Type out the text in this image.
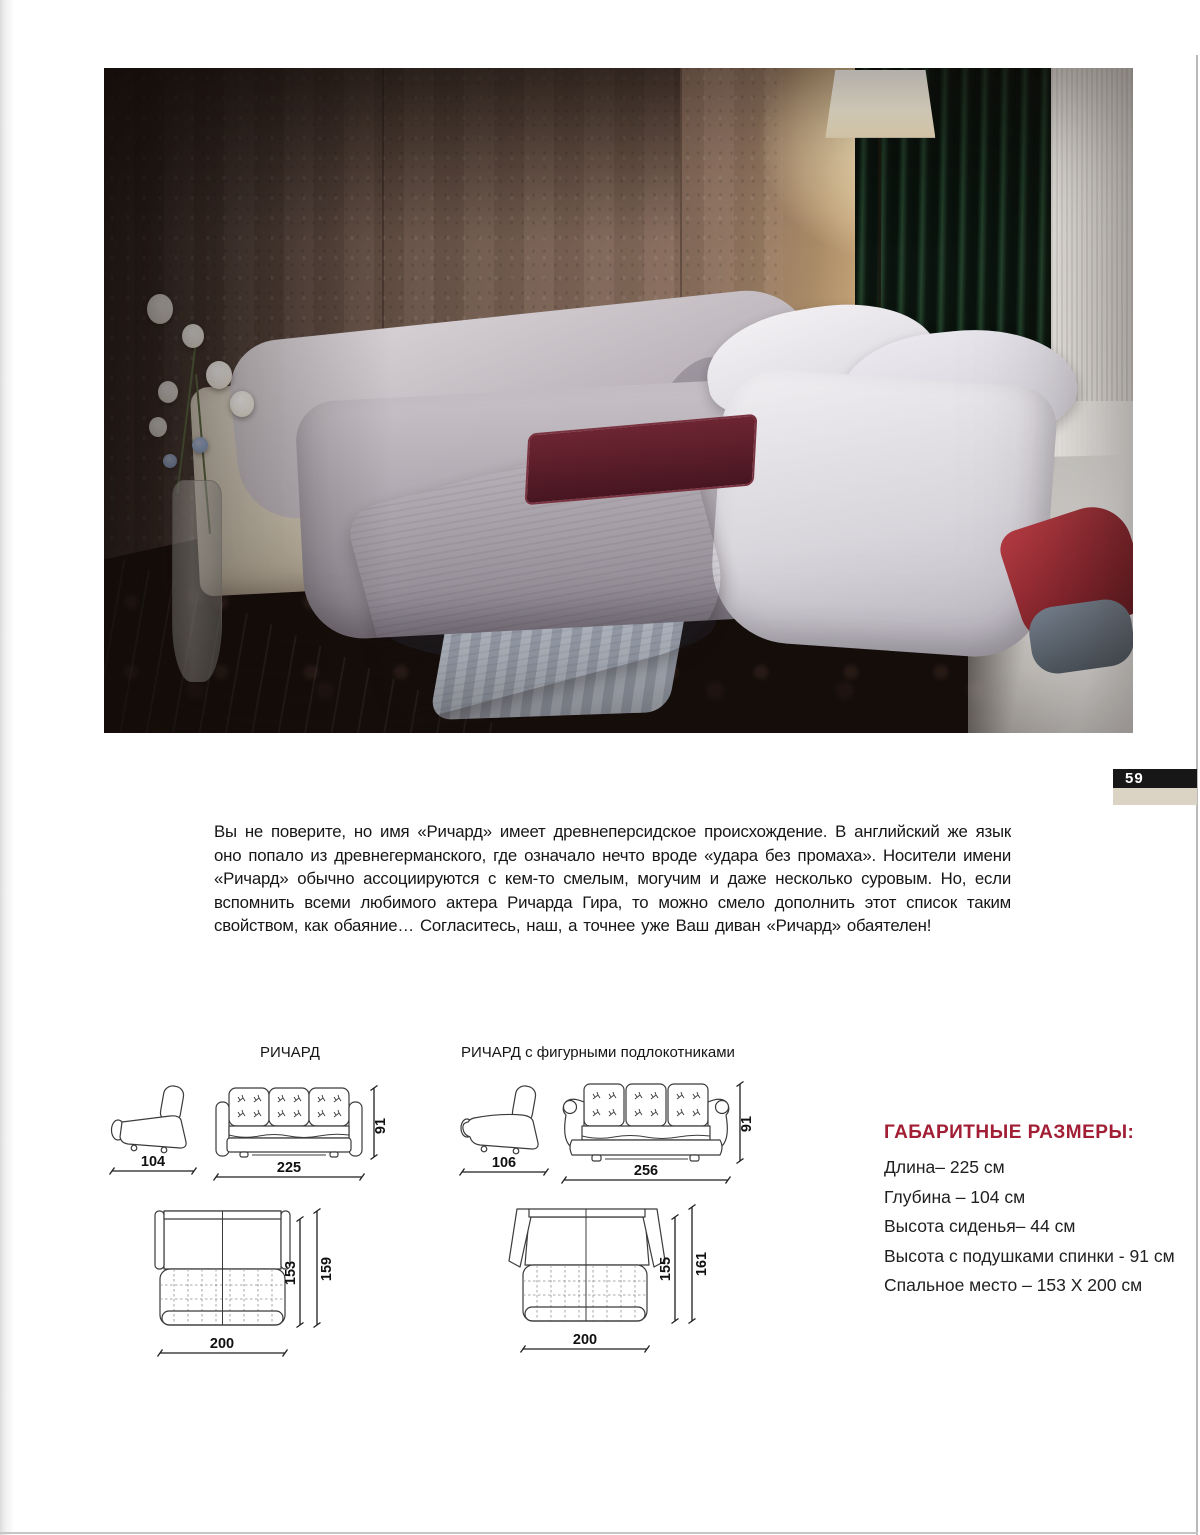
59
Вы не поверите, но имя «Ричард» имеет древнеперсидское происхождение. В английский же язык оно попало из древнегерманского, где означало нечто вроде «удара без промаха». Носители имени «Ричард» обычно ассоциируются с кем-то смелым, могучим и даже несколько суровым. Но, если вспомнить всеми любимого актера Ричарда Гира, то можно смело дополнить этот список таким свойством, как обаяние… Согласитесь, наш, а точнее уже Ваш диван «Ричард» обаятелен!
РИЧАРД	РИЧАРД с фигурными подлокотниками
104	225
91
106	256
91
153 159
200
155 161
200
ГАБАРИТНЫЕ РАЗМЕРЫ:
Длина– 225 см
Глубина – 104 см
Высота сиденья– 44 см
Высота с подушками спинки - 91 см
Спальное место – 153 Х 200 см
